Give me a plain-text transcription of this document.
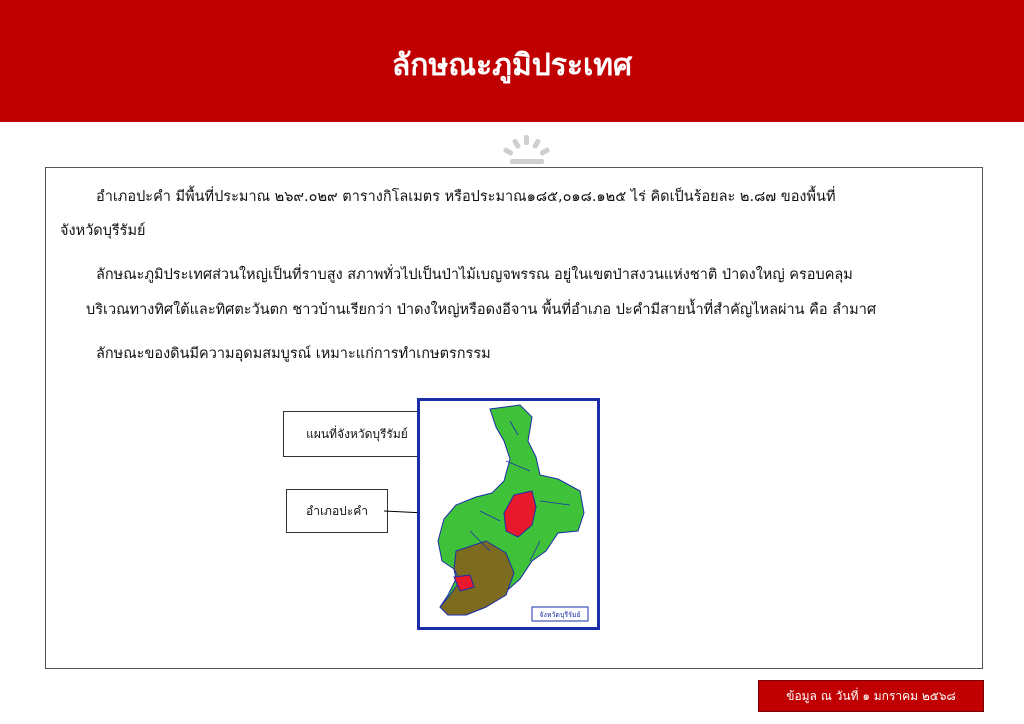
ลักษณะภูมิประเทศ
อำเภอปะคำ มีพื้นที่ประมาณ ๒๖๙.๐๒๙ ตารางกิโลเมตร หรือประมาณ๑๘๕,๐๑๘.๑๒๕ ไร่ คิดเป็นร้อยละ ๒.๘๗ ของพื้นที่
จังหวัดบุรีรัมย์
ลักษณะภูมิประเทศส่วนใหญ่เป็นที่ราบสูง สภาพทั่วไปเป็นป่าไม้เบญจพรรณ อยู่ในเขตป่าสงวนแห่งชาติ ป่าดงใหญ่ ครอบคลุม
บริเวณทางทิศใต้และทิศตะวันตก ชาวบ้านเรียกว่า ป่าดงใหญ่หรือดงอีจาน พื้นที่อำเภอ ปะคำมีสายน้ำที่สำคัญไหลผ่าน คือ ลำมาศ
ลักษณะของดินมีความอุดมสมบูรณ์ เหมาะแก่การทำเกษตรกรรม
แผนที่จังหวัดบุรีรัมย์
อำเภอปะคำ
จังหวัดบุรีรัมย์
ข้อมูล ณ วันที่ ๑ มกราคม ๒๕๖๘
